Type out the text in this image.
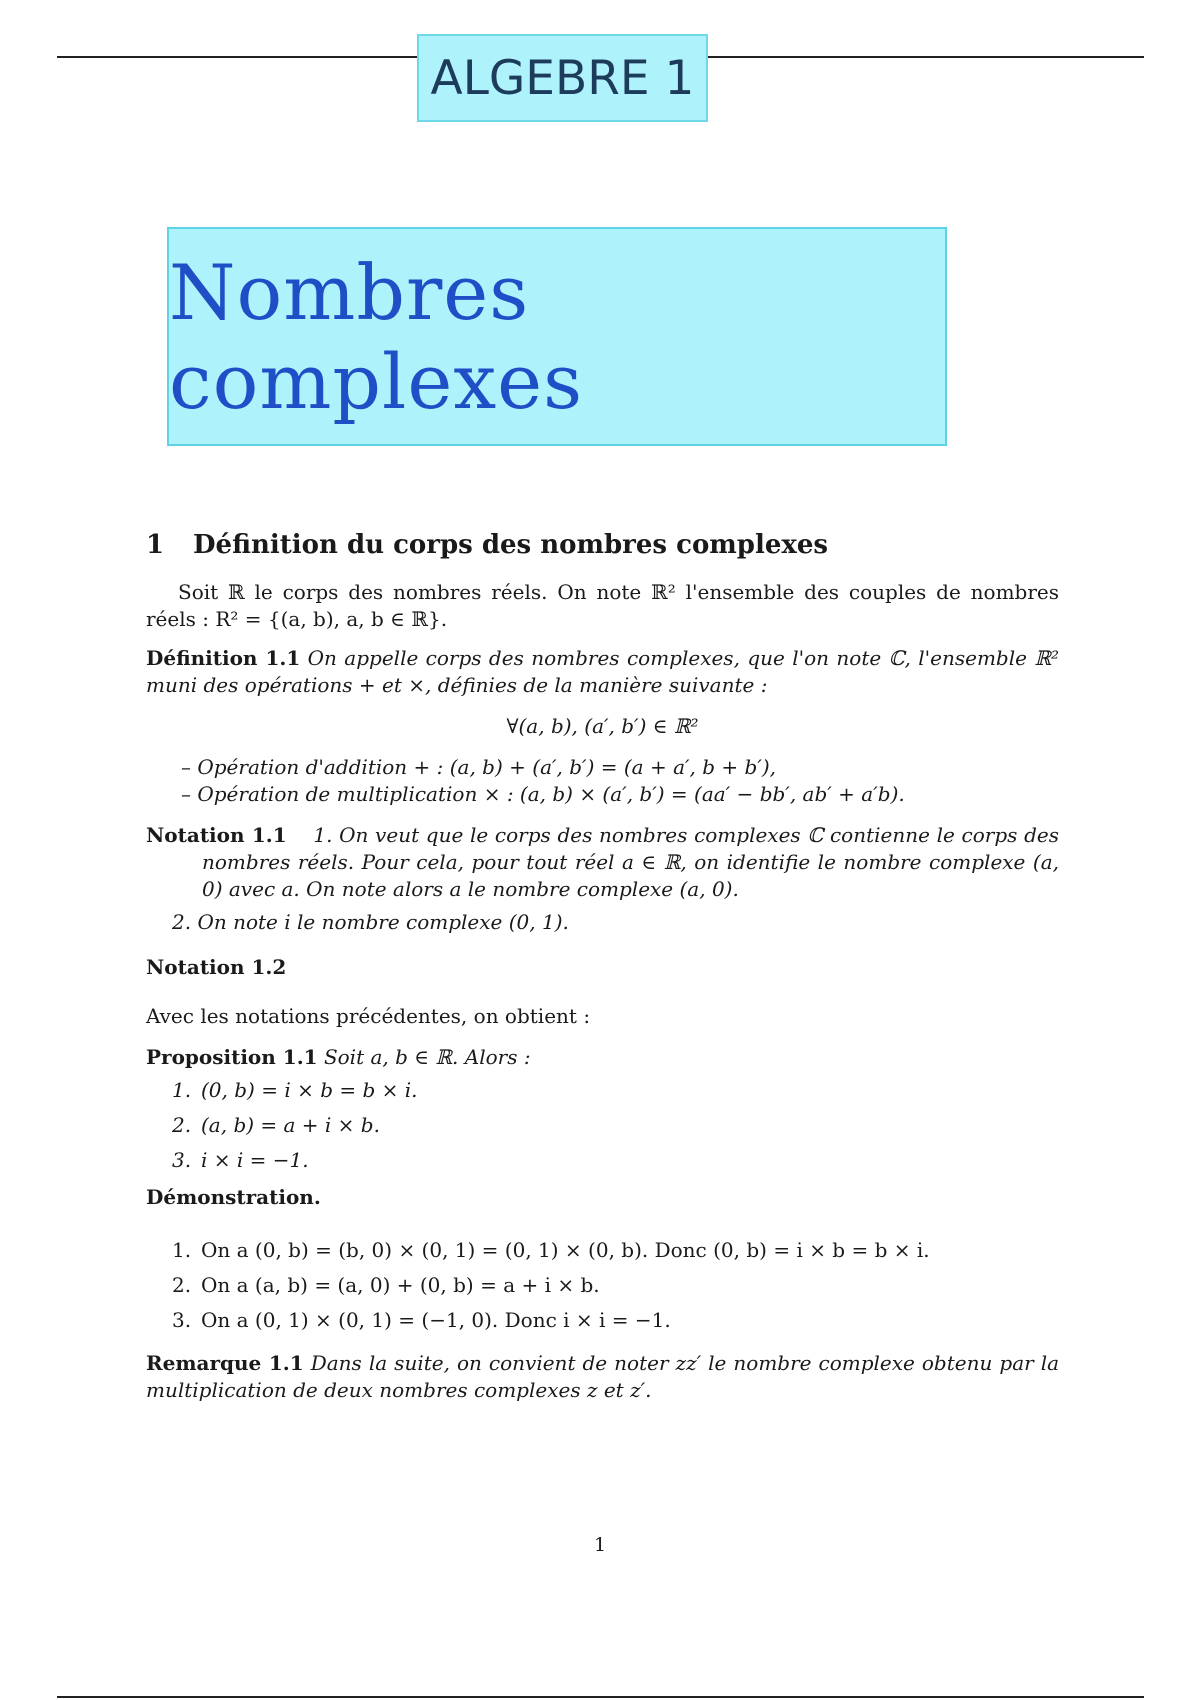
ALGEBRE 1
Nombres complexes
1 Définition du corps des nombres complexes

Soit ℝ le corps des nombres réels. On note ℝ² l'ensemble des couples de nombres réels : R² = {(a, b), a, b ∈ ℝ}.

Définition 1.1 On appelle corps des nombres complexes, que l'on note ℂ, l'ensemble ℝ² muni des opérations + et ×, définies de la manière suivante :

∀(a, b), (a′, b′) ∈ ℝ²

– Opération d'addition + : (a, b) + (a′, b′) = (a + a′, b + b′),
– Opération de multiplication × : (a, b) × (a′, b′) = (aa′ − bb′, ab′ + a′b).

Notation 1.1 1. On veut que le corps des nombres complexes ℂ contienne le corps des nombres réels. Pour cela, pour tout réel a ∈ ℝ, on identifie le nombre complexe (a, 0) avec a. On note alors a le nombre complexe (a, 0).

2. On note i le nombre complexe (0, 1).

Notation 1.2

Avec les notations précédentes, on obtient :

Proposition 1.1 Soit a, b ∈ ℝ. Alors :

1. (0, b) = i × b = b × i.
2. (a, b) = a + i × b.
3. i × i = −1.

Démonstration.

1. On a (0, b) = (b, 0) × (0, 1) = (0, 1) × (0, b). Donc (0, b) = i × b = b × i.
2. On a (a, b) = (a, 0) + (0, b) = a + i × b.
3. On a (0, 1) × (0, 1) = (−1, 0). Donc i × i = −1.

Remarque 1.1 Dans la suite, on convient de noter zz′ le nombre complexe obtenu par la multiplication de deux nombres complexes z et z′.

1
